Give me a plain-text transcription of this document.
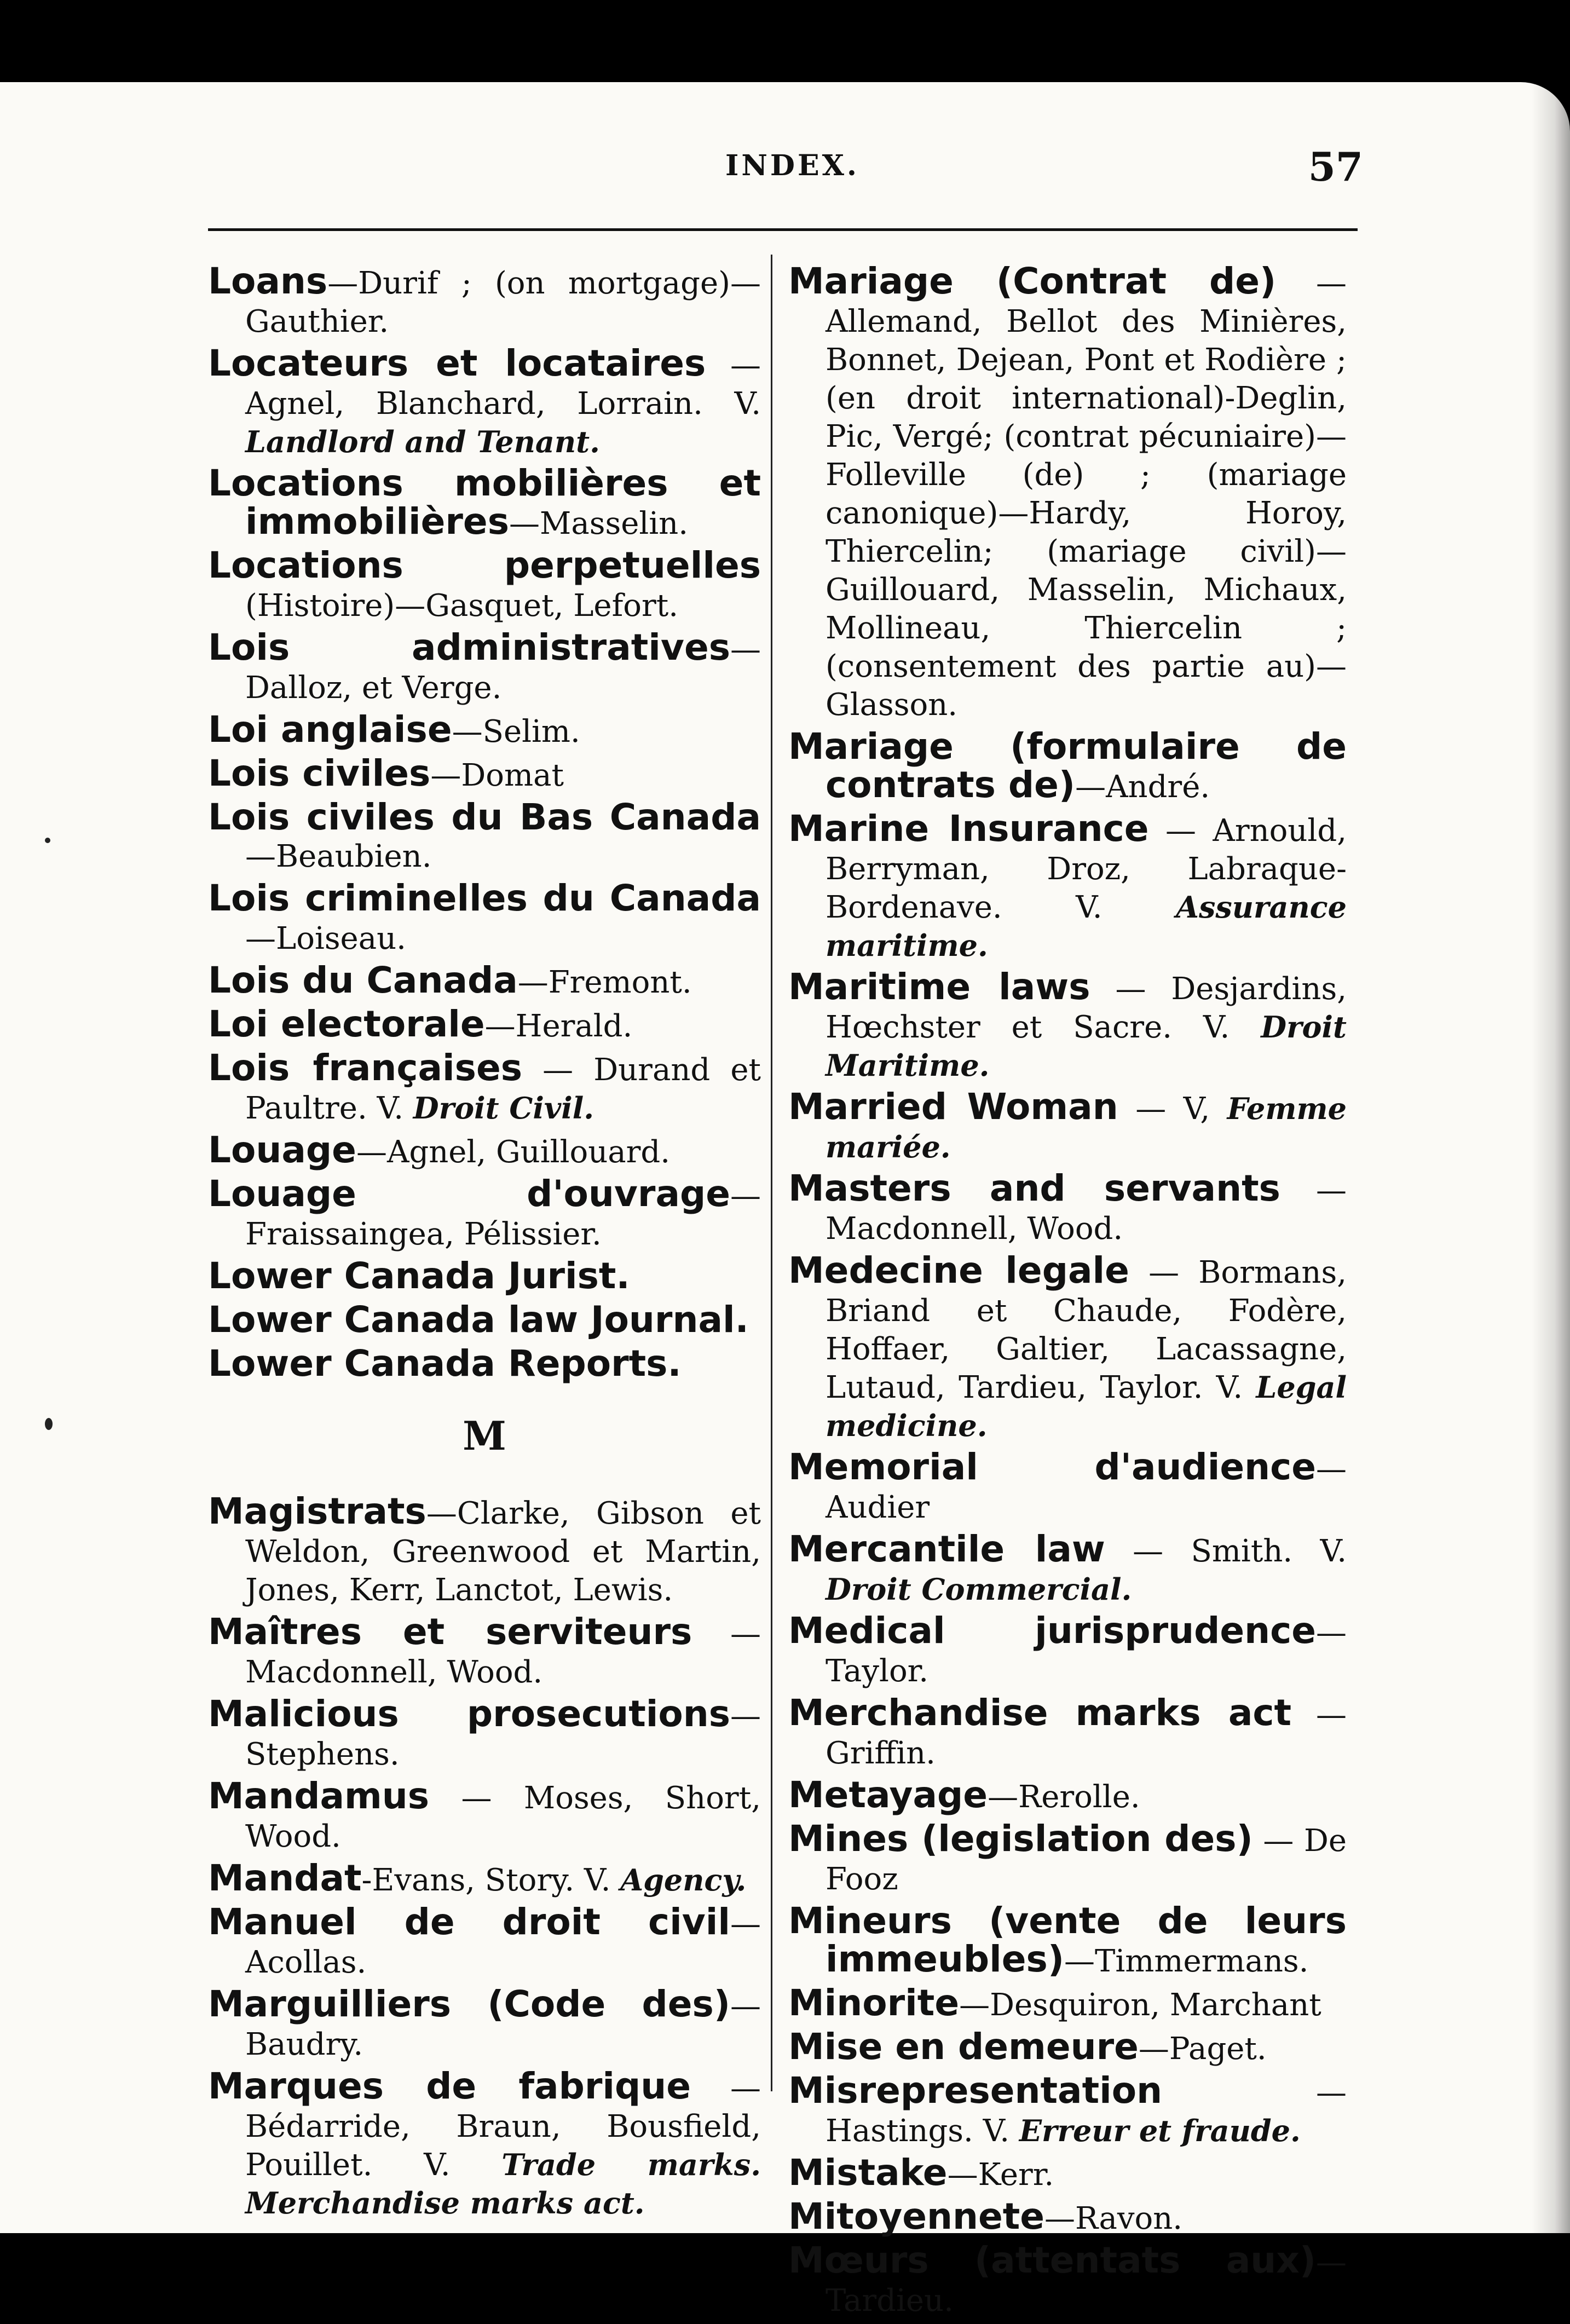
INDEX.	57

Loans—Durif ; (on mortgage)—Gauthier.

Locateurs et locataires — Agnel, Blanchard, Lorrain. V. Landlord and Tenant.

Locations mobilières et immobilières—Masselin.

Locations perpetuelles (Histoire)—Gasquet, Lefort.

Lois administratives— Dalloz, et Verge.

Loi anglaise—Selim.

Lois civiles—Domat

Lois civiles du Bas Canada—Beaubien.

Lois criminelles du Canada —Loiseau.

Lois du Canada—Fremont.

Loi electorale—Herald.

Lois françaises — Durand et Paultre. V. Droit Civil.

Louage—Agnel, Guillouard.

Louage d'ouvrage—Fraissaingea, Pélissier.

Lower Canada Jurist.

Lower Canada law Journal.

Lower Canada Reports.

M

Magistrats—Clarke, Gibson et Weldon, Greenwood et Martin, Jones, Kerr, Lanctot, Lewis.

Maîtres et serviteurs — Macdonnell, Wood.

Malicious prosecutions—Stephens.

Mandamus — Moses, Short, Wood.

Mandat-Evans, Story. V. Agency.

Manuel de droit civil—Acollas.

Marguilliers (Code des)—Baudry.

Marques de fabrique — Bédarride, Braun, Bousfield, Pouillet. V. Trade marks. Merchandise marks act.

Mariage (Contrat de) — Allemand, Bellot des Minières, Bonnet, Dejean, Pont et Rodière ; (en droit international)-Deglin, Pic, Vergé; (contrat pécuniaire)—Folleville (de) ; (mariage canonique)—Hardy, Horoy, Thiercelin; (mariage civil)—Guillouard, Masselin, Michaux, Mollineau, Thiercelin ; (consentement des partie au)—Glasson.

Mariage (formulaire de contrats de)—André.

Marine Insurance — Arnould, Berryman, Droz, Labraque-Bordenave. V. Assurance maritime.

Maritime laws — Desjardins, Hœchster et Sacre. V. Droit Maritime.

Married Woman — V, Femme mariée.

Masters and servants — Macdonnell, Wood.

Medecine legale — Bormans, Briand et Chaude, Fodère, Hoffaer, Galtier, Lacassagne, Lutaud, Tardieu, Taylor. V. Legal medicine.

Memorial d'audience—Audier

Mercantile law — Smith. V. Droit Commercial.

Medical jurisprudence—Taylor.

Merchandise marks act — Griffin.

Metayage—Rerolle.

Mines (legislation des) — De Fooz

Mineurs (vente de leurs immeubles)—Timmermans.

Minorite—Desquiron, Marchant

Mise en demeure—Paget.

Misrepresentation —Hastings. V. Erreur et fraude.

Mistake—Kerr.

Mitoyennete—Ravon.

Mœurs (attentats aux)—Tardieu.
